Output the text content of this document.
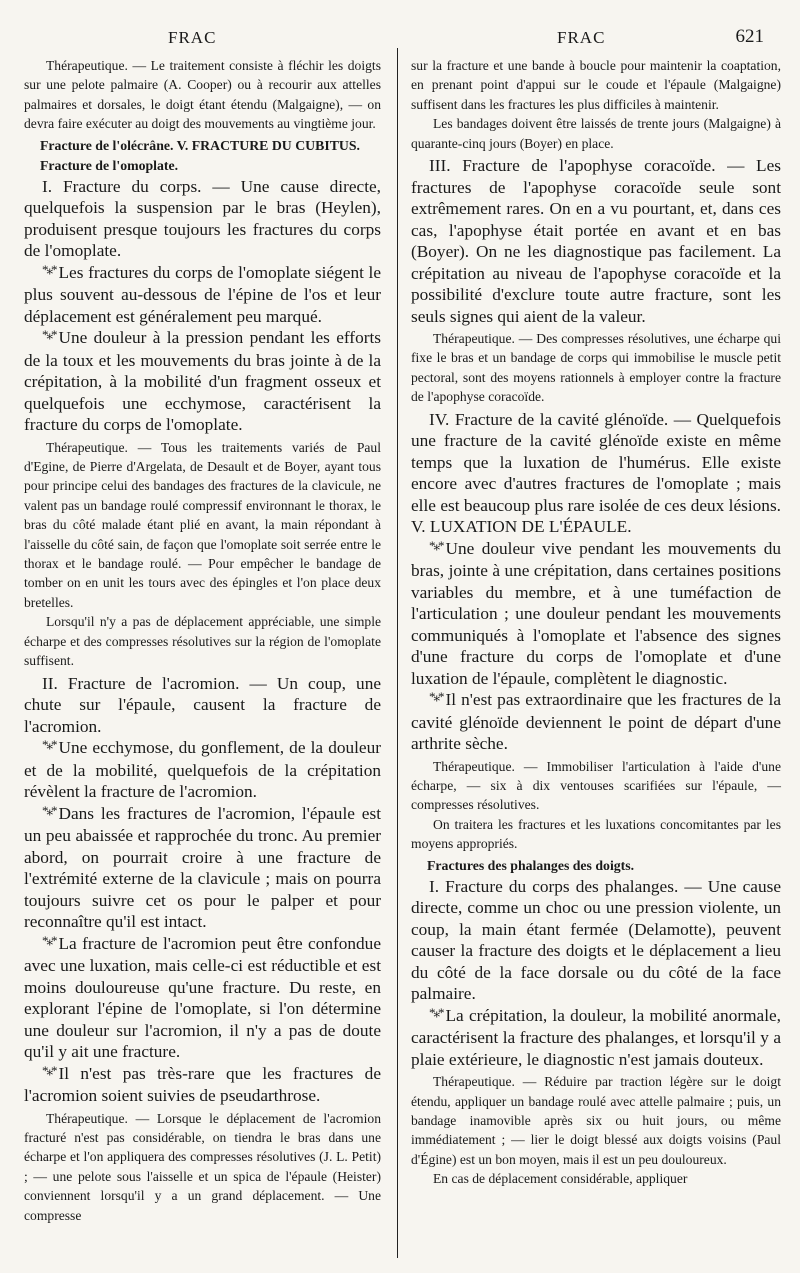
FRAC	FRAC	621

Thérapeutique. — Le traitement consiste à fléchir les doigts sur une pelote palmaire (A. Cooper) ou à recourir aux attelles palmaires et dorsales, le doigt étant étendu (Malgaigne), — on devra faire exécuter au doigt des mouvements au vingtième jour.

Fracture de l'olécrâne. V. FRACTURE DU CUBITUS.

Fracture de l'omoplate.

I. Fracture du corps. — Une cause directe, quelquefois la suspension par le bras (Heylen), produisent presque toujours les fractures du corps de l'omoplate.

*⁎* Les fractures du corps de l'omoplate siégent le plus souvent au-dessous de l'épine de l'os et leur déplacement est généralement peu marqué.

*⁎* Une douleur à la pression pendant les efforts de la toux et les mouvements du bras jointe à de la crépitation, à la mobilité d'un fragment osseux et quelquefois une ecchymose, caractérisent la fracture du corps de l'omoplate.

Thérapeutique. — Tous les traitements variés de Paul d'Egine, de Pierre d'Argelata, de Desault et de Boyer, ayant tous pour principe celui des bandages des fractures de la clavicule, ne valent pas un bandage roulé compressif environnant le thorax, le bras du côté malade étant plié en avant, la main répondant à l'aisselle du côté sain, de façon que l'omoplate soit serrée entre le thorax et le bandage roulé. — Pour empêcher le bandage de tomber on en unit les tours avec des épingles et l'on place deux bretelles.

Lorsqu'il n'y a pas de déplacement appréciable, une simple écharpe et des compresses résolutives sur la région de l'omoplate suffisent.

II. Fracture de l'acromion. — Un coup, une chute sur l'épaule, causent la fracture de l'acromion.

*⁎* Une ecchymose, du gonflement, de la douleur et de la mobilité, quelquefois de la crépitation révèlent la fracture de l'acromion.

*⁎* Dans les fractures de l'acromion, l'épaule est un peu abaissée et rapprochée du tronc. Au premier abord, on pourrait croire à une fracture de l'extrémité externe de la clavicule ; mais on pourra toujours suivre cet os pour le palper et pour reconnaître qu'il est intact.

*⁎* La fracture de l'acromion peut être confondue avec une luxation, mais celle-ci est réductible et est moins douloureuse qu'une fracture. Du reste, en explorant l'épine de l'omoplate, si l'on détermine une douleur sur l'acromion, il n'y a pas de doute qu'il y ait une fracture.

*⁎* Il n'est pas très-rare que les fractures de l'acromion soient suivies de pseudarthrose.

Thérapeutique. — Lorsque le déplacement de l'acromion fracturé n'est pas considérable, on tiendra le bras dans une écharpe et l'on appliquera des compresses résolutives (J. L. Petit) ; — une pelote sous l'aisselle et un spica de l'épaule (Heister) conviennent lorsqu'il y a un grand déplacement. — Une compresse

sur la fracture et une bande à boucle pour maintenir la coaptation, en prenant point d'appui sur le coude et l'épaule (Malgaigne) suffisent dans les fractures les plus difficiles à maintenir.

Les bandages doivent être laissés de trente jours (Malgaigne) à quarante-cinq jours (Boyer) en place.

III. Fracture de l'apophyse coracoïde. — Les fractures de l'apophyse coracoïde seule sont extrêmement rares. On en a vu pourtant, et, dans ces cas, l'apophyse était portée en avant et en bas (Boyer). On ne les diagnostique pas facilement. La crépitation au niveau de l'apophyse coracoïde et la possibilité d'exclure toute autre fracture, sont les seuls signes qui aient de la valeur.

Thérapeutique. — Des compresses résolutives, une écharpe qui fixe le bras et un bandage de corps qui immobilise le muscle petit pectoral, sont des moyens rationnels à employer contre la fracture de l'apophyse coracoïde.

IV. Fracture de la cavité glénoïde. — Quelquefois une fracture de la cavité glénoïde existe en même temps que la luxation de l'humérus. Elle existe encore avec d'autres fractures de l'omoplate ; mais elle est beaucoup plus rare isolée de ces deux lésions. V. LUXATION DE L'ÉPAULE.

*⁎* Une douleur vive pendant les mouvements du bras, jointe à une crépitation, dans certaines positions variables du membre, et à une tuméfaction de l'articulation ; une douleur pendant les mouvements communiqués à l'omoplate et l'absence des signes d'une fracture du corps de l'omoplate et d'une luxation de l'épaule, complètent le diagnostic.

*⁎* Il n'est pas extraordinaire que les fractures de la cavité glénoïde deviennent le point de départ d'une arthrite sèche.

Thérapeutique. — Immobiliser l'articulation à l'aide d'une écharpe, — six à dix ventouses scarifiées sur l'épaule, — compresses résolutives.

On traitera les fractures et les luxations concomitantes par les moyens appropriés.

Fractures des phalanges des doigts.

I. Fracture du corps des phalanges. — Une cause directe, comme un choc ou une pression violente, un coup, la main étant fermée (Delamotte), peuvent causer la fracture des doigts et le déplacement a lieu du côté de la face dorsale ou du côté de la face palmaire.

*⁎* La crépitation, la douleur, la mobilité anormale, caractérisent la fracture des phalanges, et lorsqu'il y a plaie extérieure, le diagnostic n'est jamais douteux.

Thérapeutique. — Réduire par traction légère sur le doigt étendu, appliquer un bandage roulé avec attelle palmaire ; puis, un bandage inamovible après six ou huit jours, ou même immédiatement ; — lier le doigt blessé aux doigts voisins (Paul d'Égine) est un bon moyen, mais il est un peu douloureux.

En cas de déplacement considérable, appliquer
